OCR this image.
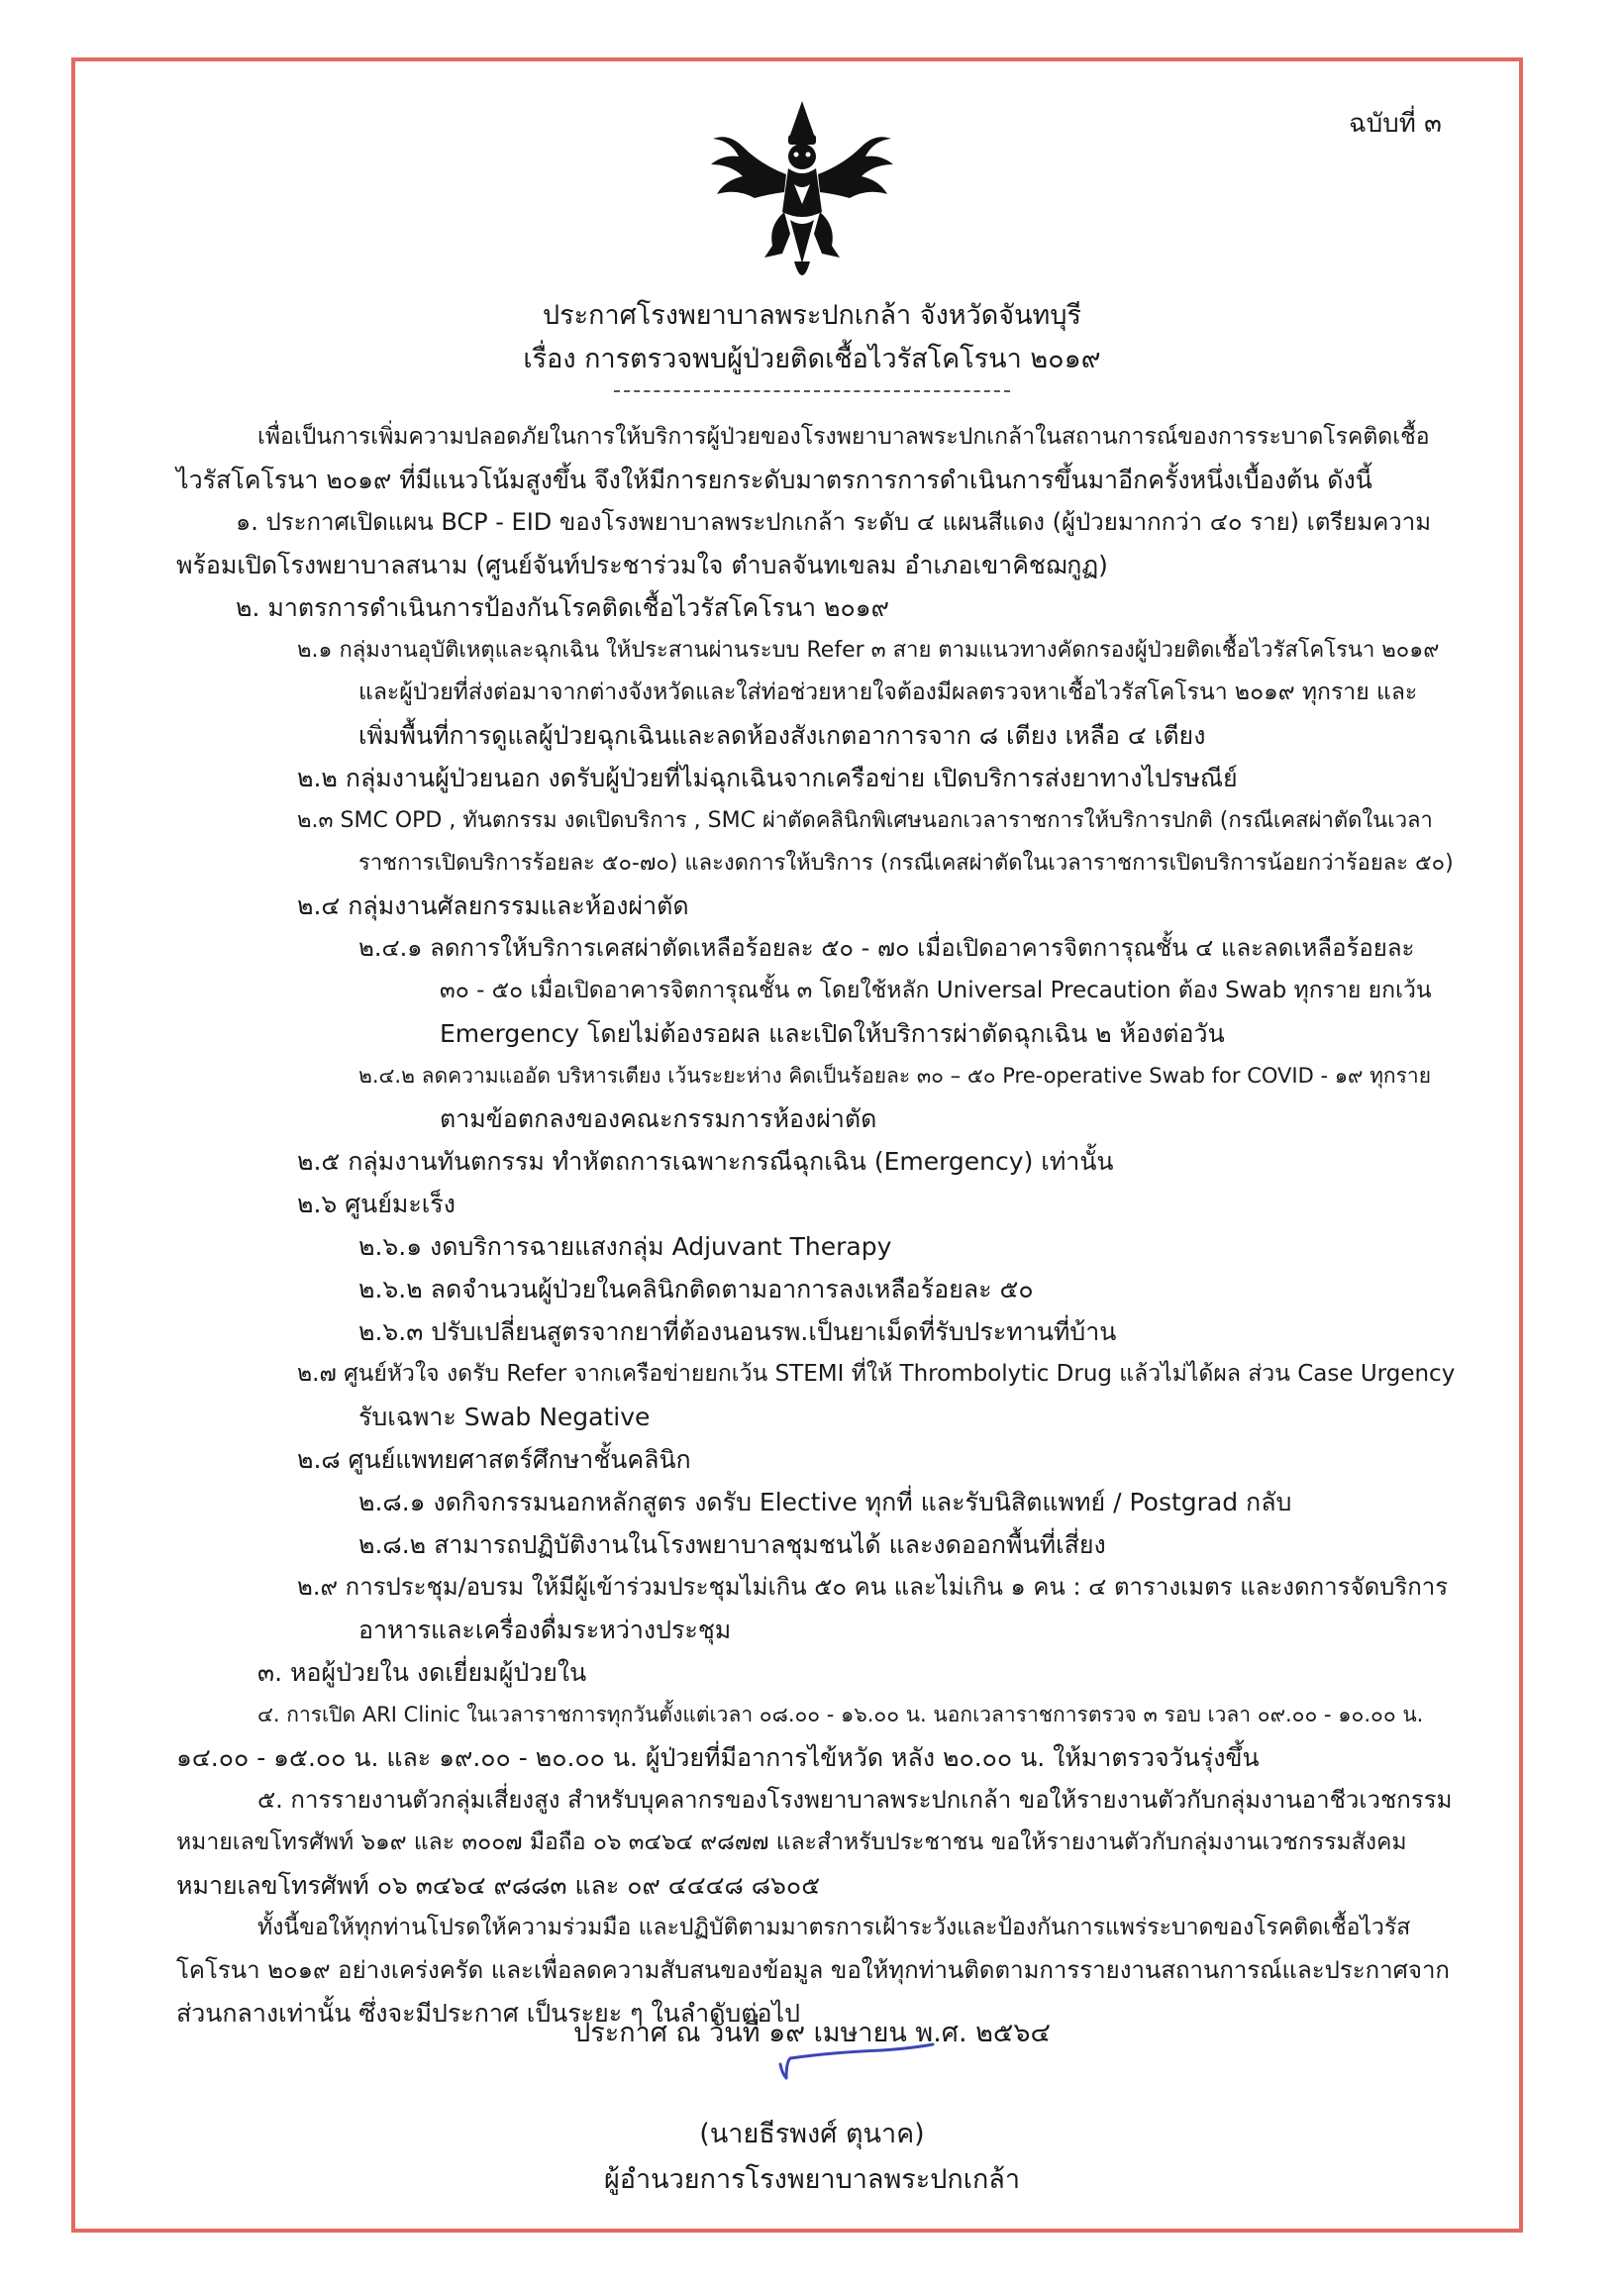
ฉบับที่ ๓
ประกาศโรงพยาบาลพระปกเกล้า จังหวัดจันทบุรี
เรื่อง การตรวจพบผู้ป่วยติดเชื้อไวรัสโคโรนา ๒๐๑๙
เพื่อเป็นการเพิ่มความปลอดภัยในการให้บริการผู้ป่วยของโรงพยาบาลพระปกเกล้าในสถานการณ์ของการระบาดโรคติดเชื้อ
ไวรัสโคโรนา ๒๐๑๙ ที่มีแนวโน้มสูงขึ้น จึงให้มีการยกระดับมาตรการการดำเนินการขึ้นมาอีกครั้งหนึ่งเบื้องต้น ดังนี้
๑. ประกาศเปิดแผน BCP - EID ของโรงพยาบาลพระปกเกล้า ระดับ ๔ แผนสีแดง (ผู้ป่วยมากกว่า ๔๐ ราย) เตรียมความ
พร้อมเปิดโรงพยาบาลสนาม (ศูนย์จันท์ประชาร่วมใจ ตำบลจันทเขลม อำเภอเขาคิชฌกูฏ)
๒. มาตรการดำเนินการป้องกันโรคติดเชื้อไวรัสโคโรนา ๒๐๑๙
๒.๑ กลุ่มงานอุบัติเหตุและฉุกเฉิน ให้ประสานผ่านระบบ Refer ๓ สาย ตามแนวทางคัดกรองผู้ป่วยติดเชื้อไวรัสโคโรนา ๒๐๑๙
และผู้ป่วยที่ส่งต่อมาจากต่างจังหวัดและใส่ท่อช่วยหายใจต้องมีผลตรวจหาเชื้อไวรัสโคโรนา ๒๐๑๙ ทุกราย และ
เพิ่มพื้นที่การดูแลผู้ป่วยฉุกเฉินและลดห้องสังเกตอาการจาก ๘ เตียง เหลือ ๔ เตียง
๒.๒ กลุ่มงานผู้ป่วยนอก งดรับผู้ป่วยที่ไม่ฉุกเฉินจากเครือข่าย เปิดบริการส่งยาทางไปรษณีย์
๒.๓ SMC OPD , ทันตกรรม งดเปิดบริการ , SMC ผ่าตัดคลินิกพิเศษนอกเวลาราชการให้บริการปกติ (กรณีเคสผ่าตัดในเวลา
ราชการเปิดบริการร้อยละ ๕๐-๗๐) และงดการให้บริการ (กรณีเคสผ่าตัดในเวลาราชการเปิดบริการน้อยกว่าร้อยละ ๕๐)
๒.๔ กลุ่มงานศัลยกรรมและห้องผ่าตัด
๒.๔.๑ ลดการให้บริการเคสผ่าตัดเหลือร้อยละ ๕๐ - ๗๐ เมื่อเปิดอาคารจิตการุณชั้น ๔ และลดเหลือร้อยละ
๓๐ - ๕๐ เมื่อเปิดอาคารจิตการุณชั้น ๓ โดยใช้หลัก Universal Precaution ต้อง Swab ทุกราย ยกเว้น
Emergency โดยไม่ต้องรอผล และเปิดให้บริการผ่าตัดฉุกเฉิน ๒ ห้องต่อวัน
๒.๔.๒ ลดความแออัด บริหารเตียง เว้นระยะห่าง คิดเป็นร้อยละ ๓๐ – ๕๐ Pre-operative Swab for COVID - ๑๙ ทุกราย
ตามข้อตกลงของคณะกรรมการห้องผ่าตัด
๒.๕ กลุ่มงานทันตกรรม ทำหัตถการเฉพาะกรณีฉุกเฉิน (Emergency) เท่านั้น
๒.๖ ศูนย์มะเร็ง
๒.๖.๑ งดบริการฉายแสงกลุ่ม Adjuvant Therapy
๒.๖.๒ ลดจำนวนผู้ป่วยในคลินิกติดตามอาการลงเหลือร้อยละ ๕๐
๒.๖.๓ ปรับเปลี่ยนสูตรจากยาที่ต้องนอนรพ.เป็นยาเม็ดที่รับประทานที่บ้าน
๒.๗ ศูนย์หัวใจ งดรับ Refer จากเครือข่ายยกเว้น STEMI ที่ให้ Thrombolytic Drug แล้วไม่ได้ผล ส่วน Case Urgency
รับเฉพาะ Swab Negative
๒.๘ ศูนย์แพทยศาสตร์ศึกษาชั้นคลินิก
๒.๘.๑ งดกิจกรรมนอกหลักสูตร งดรับ Elective ทุกที่ และรับนิสิตแพทย์ / Postgrad กลับ
๒.๘.๒ สามารถปฏิบัติงานในโรงพยาบาลชุมชนได้ และงดออกพื้นที่เสี่ยง
๒.๙ การประชุม/อบรม ให้มีผู้เข้าร่วมประชุมไม่เกิน ๕๐ คน และไม่เกิน ๑ คน : ๔ ตารางเมตร และงดการจัดบริการ
อาหารและเครื่องดื่มระหว่างประชุม
๓. หอผู้ป่วยใน งดเยี่ยมผู้ป่วยใน
๔. การเปิด ARI Clinic ในเวลาราชการทุกวันตั้งแต่เวลา ๐๘.๐๐ - ๑๖.๐๐ น. นอกเวลาราชการตรวจ ๓ รอบ เวลา ๐๙.๐๐ - ๑๐.๐๐ น.
๑๔.๐๐ - ๑๕.๐๐ น. และ ๑๙.๐๐ - ๒๐.๐๐ น. ผู้ป่วยที่มีอาการไข้หวัด หลัง ๒๐.๐๐ น. ให้มาตรวจวันรุ่งขึ้น
๕. การรายงานตัวกลุ่มเสี่ยงสูง สำหรับบุคลากรของโรงพยาบาลพระปกเกล้า ขอให้รายงานตัวกับกลุ่มงานอาชีวเวชกรรม
หมายเลขโทรศัพท์ ๖๑๙ และ ๓๐๐๗ มือถือ ๐๖ ๓๔๖๔ ๙๘๗๗ และสำหรับประชาชน ขอให้รายงานตัวกับกลุ่มงานเวชกรรมสังคม
หมายเลขโทรศัพท์ ๐๖ ๓๔๖๔ ๙๘๘๓ และ ๐๙ ๔๔๔๘ ๘๖๐๕
ทั้งนี้ขอให้ทุกท่านโปรดให้ความร่วมมือ และปฏิบัติตามมาตรการเฝ้าระวังและป้องกันการแพร่ระบาดของโรคติดเชื้อไวรัส
โคโรนา ๒๐๑๙ อย่างเคร่งครัด และเพื่อลดความสับสนของข้อมูล ขอให้ทุกท่านติดตามการรายงานสถานการณ์และประกาศจาก
ส่วนกลางเท่านั้น ซึ่งจะมีประกาศ เป็นระยะ ๆ ในลำดับต่อไป
ประกาศ ณ วันที่ ๑๙ เมษายน พ.ศ. ๒๕๖๔
(นายธีรพงศ์ ตุนาค)
ผู้อำนวยการโรงพยาบาลพระปกเกล้า
